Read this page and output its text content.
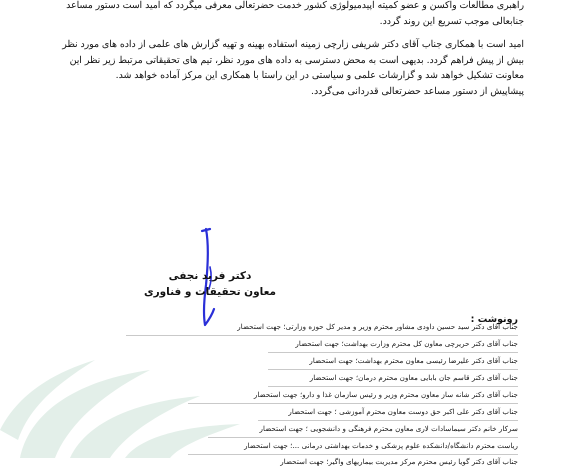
راهبری مطالعات واکسن و عضو کمیته اپیدمیولوژی کشور خدمت حضرتعالی معرفی میگردد که امید است دستور مساعد
جنابعالی موجب تسریع این روند گردد.
امید است با همکاری جناب آقای دکتر شریفی زارچی زمینه استفاده بهینه و تهیه گزارش های علمی از داده های مورد نظر
بیش از پیش فراهم گردد. بدیهی است به محض دسترسی به داده های مورد نظر، تیم های تحقیقاتی مرتبط زیر نظر این
معاونت تشکیل خواهد شد و گزارشات علمی و سیاستی در این راستا با همکاری این مرکز آماده خواهد شد.
پیشاپیش از دستور مساعد حضرتعالی قدردانی می‌گردد.
دکتر فرید نجفی
معاون تحقیقات و فناوری
رونوشت :
جناب آقای دکتر سید حسین داودی مشاور محترم وزیر و مدیر کل حوزه وزارتی؛ جهت استحضار
جناب آقای دکتر حریرچی معاون کل محترم وزارت بهداشت؛ جهت استحضار
جناب آقای دکتر علیرضا رئیسی معاون محترم بهداشت؛ جهت استحضار
جناب آقای دکتر قاسم جان بابایی معاون محترم درمان؛ جهت استحضار
جناب آقای دکتر شانه ساز معاون محترم وزیر و رئیس سازمان غذا و دارو؛ جهت استحضار
جناب آقای دکتر علی اکبر حق دوست معاون محترم آموزشی ؛ جهت استحضار
سرکار خانم دکتر سیماسادات لاری معاون محترم فرهنگی و دانشجویی ؛ جهت استحضار
ریاست محترم دانشگاه/دانشکده علوم پزشکی و خدمات بهداشتی درمانی ...؛ جهت استحضار
جناب آقای دکتر گویا رئیس محترم مرکز مدیریت بیماریهای واگیر؛ جهت استحضار
